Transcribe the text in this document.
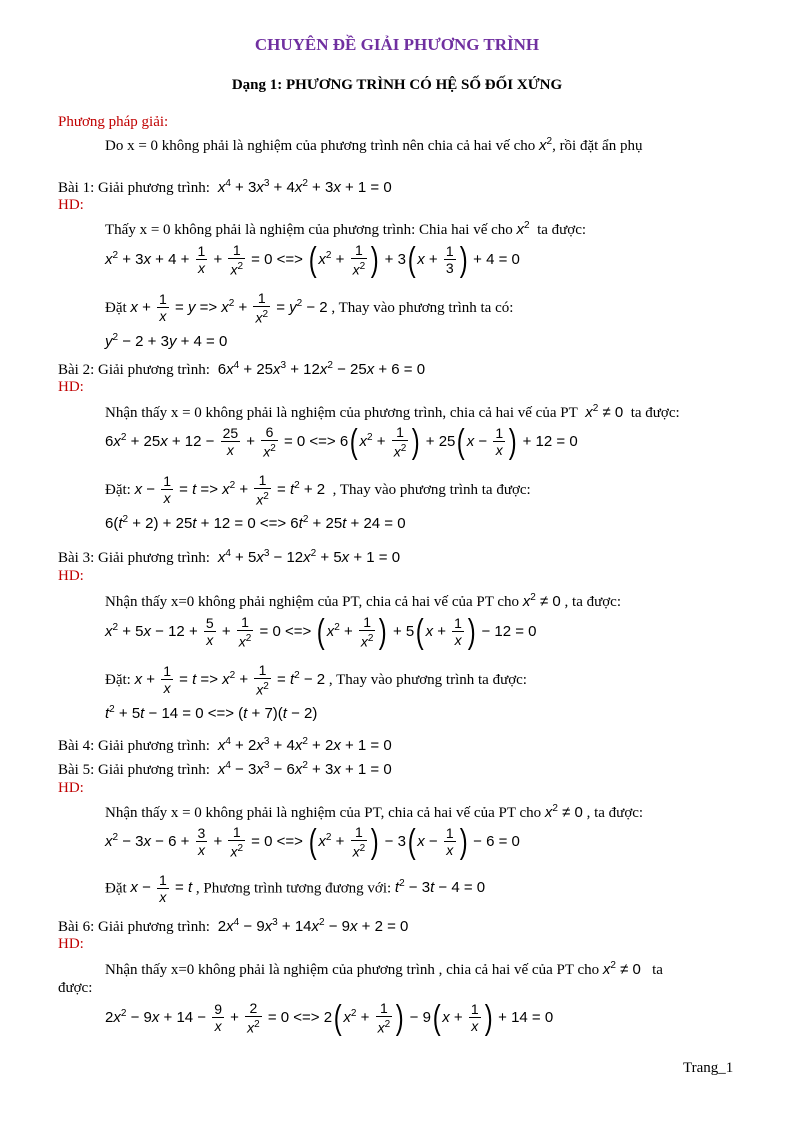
CHUYÊN ĐỀ GIẢI PHƯƠNG TRÌNH
Dạng 1: PHƯƠNG TRÌNH CÓ HỆ SỐ ĐỐI XỨNG
Phương pháp giải:
Do x = 0 không phải là nghiệm của phương trình nên chia cả hai vế cho $x^2$, rồi đặt ẩn phụ
Bài 1: Giải phương trình: $x^4 + 3x^3 + 4x^2 + 3x + 1 = 0$
HD:
Thấy x = 0 không phải là nghiệm của phương trình: Chia hai vế cho $x^2$ ta được:
$x^2 + 3x + 4 + \frac{1}{x} + \frac{1}{x^2} = 0$ <=> ( $x^2 + \frac{1}{x^2}$ ) + 3( $x + \frac{1}{3}$ ) + 4 = 0
Đặt $x + \frac{1}{x} = y => x^2 + \frac{1}{x^2} = y^2 - 2$ , Thay vào phương trình ta có:
$y^2 - 2 + 3y + 4 = 0$
Bài 2: Giải phương trình:  $6x^4 + 25x^3 + 12x^2 - 25x + 6 = 0$
HD:
Nhận thấy x = 0 không phải là nghiệm của phương trình, chia cả hai vế của PT $x^2 \ne 0$ ta được:
$6x^2 + 25x + 12 - \frac{25}{x} + \frac{6}{x^2} = 0$ <=> 6( $x^2 + \frac{1}{x^2}$ ) + 25( $x - \frac{1}{x}$ ) + 12 = 0
Đặt: $x - \frac{1}{x} = t => x^2 + \frac{1}{x^2} = t^2 + 2$ , Thay vào phương trình ta được:
$6(t^2 + 2) + 25t + 12 = 0$ <=> $6t^2 + 25t + 24 = 0$
Bài 3: Giải phương trình: $x^4 + 5x^3 - 12x^2 + 5x + 1 = 0$
HD:
Nhận thấy x=0 không phải nghiệm của PT, chia cả hai vế của PT cho $x^2 \ne 0$ , ta được:
$x^2 + 5x - 12 + \frac{5}{x} + \frac{1}{x^2} = 0$ <=> ( $x^2 + \frac{1}{x^2}$ ) + 5( $x + \frac{1}{x}$ ) − 12 = 0
Đặt: $x + \frac{1}{x} = t => x^2 + \frac{1}{x^2} = t^2 - 2$ , Thay vào phương trình ta được:
$t^2 + 5t - 14 = 0$ <=> (t + 7)(t − 2)
Bài 4: Giải phương trình: $x^4 + 2x^3 + 4x^2 + 2x + 1 = 0$
Bài 5: Giải phương trình: $x^4 - 3x^3 - 6x^2 + 3x + 1 = 0$
HD:
Nhận thấy x = 0 không phải là nghiệm của PT, chia cả hai vế của PT cho $x^2 \ne 0$ , ta được:
$x^2 - 3x - 6 + \frac{3}{x} + \frac{1}{x^2} = 0$ <=> ( $x^2 + \frac{1}{x^2}$ ) − 3( $x - \frac{1}{x}$ ) − 6 = 0
Đặt $x - \frac{1}{x} = t$ , Phương trình tương đương với: $t^2 - 3t - 4 = 0$
Bài 6: Giải phương trình:  $2x^4 - 9x^3 + 14x^2 - 9x + 2 = 0$
HD:
Nhận thấy x=0 không phải là nghiệm của phương trình , chia cả hai vế của PT cho $x^2 \ne 0$ ta
được:
$2x^2 - 9x + 14 - \frac{9}{x} + \frac{2}{x^2} = 0$ <=> 2( $x^2 + \frac{1}{x^2}$ ) − 9( $x + \frac{1}{x}$ ) + 14 = 0
Trang_1
